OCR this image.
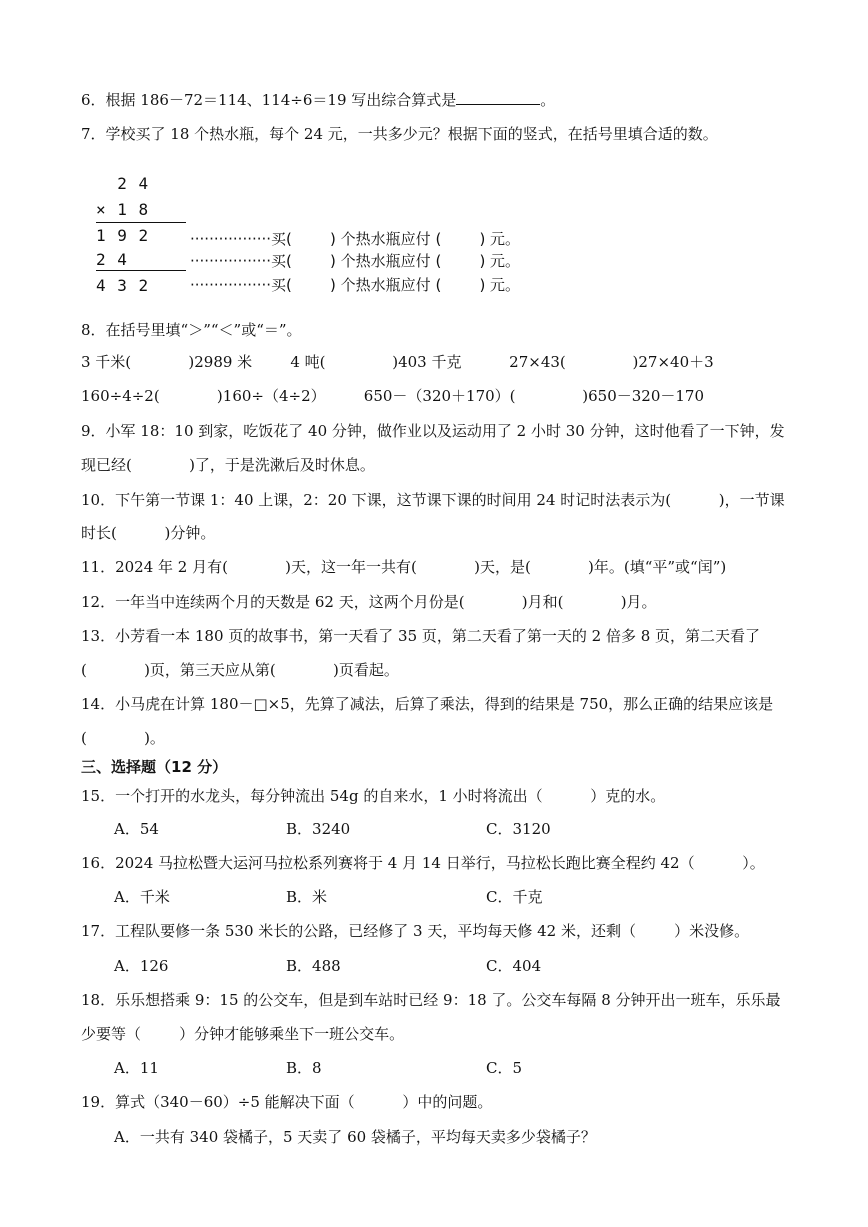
6．根据 186－72＝114、114÷6＝19 写出综合算式是	。
7．学校买了 18 个热水瓶，每个 24 元，一共多少元？根据下面的竖式，在括号里填合适的数。
2 4
× 1 8
1 9 2
2 4
4 3 2
·················买(        ) 个热水瓶应付 (        ) 元。
·················买(        ) 个热水瓶应付 (        ) 元。
·················买(        ) 个热水瓶应付 (        ) 元。
8．在括号里填“＞”“＜”或“＝”。
3 千米(            )2989 米        4 吨(              )403 千克          27×43(              )27×40＋3
160÷4÷2(            )160÷（4÷2）        650－（320＋170）(              )650－320－170
9．小军 18：10 到家，吃饭花了 40 分钟，做作业以及运动用了 2 小时 30 分钟，这时他看了一下钟，发
现已经(            )了，于是洗漱后及时休息。
10．下午第一节课 1：40 上课，2：20 下课，这节课下课的时间用 24 时记时法表示为(          )，一节课
时长(          )分钟。
11．2024 年 2 月有(            )天，这一年一共有(            )天，是(            )年。(填“平”或“闰”)
12．一年当中连续两个月的天数是 62 天，这两个月份是(            )月和(            )月。
13．小芳看一本 180 页的故事书，第一天看了 35 页，第二天看了第一天的 2 倍多 8 页，第二天看了
(            )页，第三天应从第(            )页看起。
14．小马虎在计算 180－□×5，先算了减法，后算了乘法，得到的结果是 750，那么正确的结果应该是
(            )。
三、选择题（12 分）
15．一个打开的水龙头，每分钟流出 54g 的自来水，1 小时将流出（          ）克的水。
A．54	B．3240	C．3120
16．2024 马拉松暨大运河马拉松系列赛将于 4 月 14 日举行，马拉松长跑比赛全程约 42（          ）。
A．千米	B．米	C．千克
17．工程队要修一条 530 米长的公路，已经修了 3 天，平均每天修 42 米，还剩（        ）米没修。
A．126	B．488	C．404
18．乐乐想搭乘 9：15 的公交车，但是到车站时已经 9：18 了。公交车每隔 8 分钟开出一班车，乐乐最
少要等（        ）分钟才能够乘坐下一班公交车。
A．11	B．8	C．5
19．算式（340－60）÷5 能解决下面（          ）中的问题。
A．一共有 340 袋橘子，5 天卖了 60 袋橘子，平均每天卖多少袋橘子？
